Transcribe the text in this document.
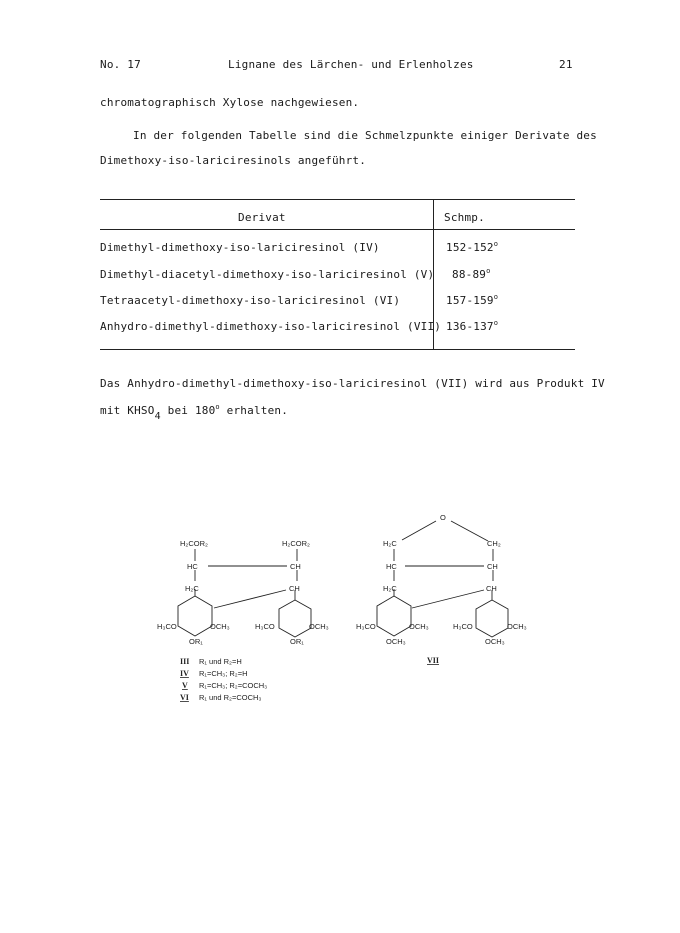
No. 17	Lignane des Lärchen- und Erlenholzes	21
chromatographisch Xylose nachgewiesen.
In der folgenden Tabelle sind die Schmelzpunkte einiger Derivate des
Dimethoxy-iso-lariciresinols angeführt.
Derivat	Schmp.
Dimethyl-dimethoxy-iso-lariciresinol (IV)	152-152$^o$
Dimethyl-diacetyl-dimethoxy-iso-lariciresinol (V) 88-89$^o$
Tetraacetyl-dimethoxy-iso-lariciresinol (VI)	157-159$^o$
Anhydro-dimethyl-dimethoxy-iso-lariciresinol (VII) 136-137$^o$
Das Anhydro-dimethyl-dimethoxy-iso-lariciresinol (VII) wird aus Produkt IV
mit KHSO4 bei 180$^o$ erhalten.
H₂COR₂	H₂COR₂
HC	CH
H₂C	CH
H₃CO	OCH₃	H₃CO	OCH₃
OR₁	OR₁
O
H₂C	CH₂
HC	CH
H₂C	CH
H₃CO	OCH₃	H₃CO	OCH₃
OCH₃	OCH₃
VII
III R₁ und R₂=H
IV R₁=CH₃; R₂=H
V R₁=CH₃; R₂=COCH₃
VI R₁ und R₂=COCH₃
